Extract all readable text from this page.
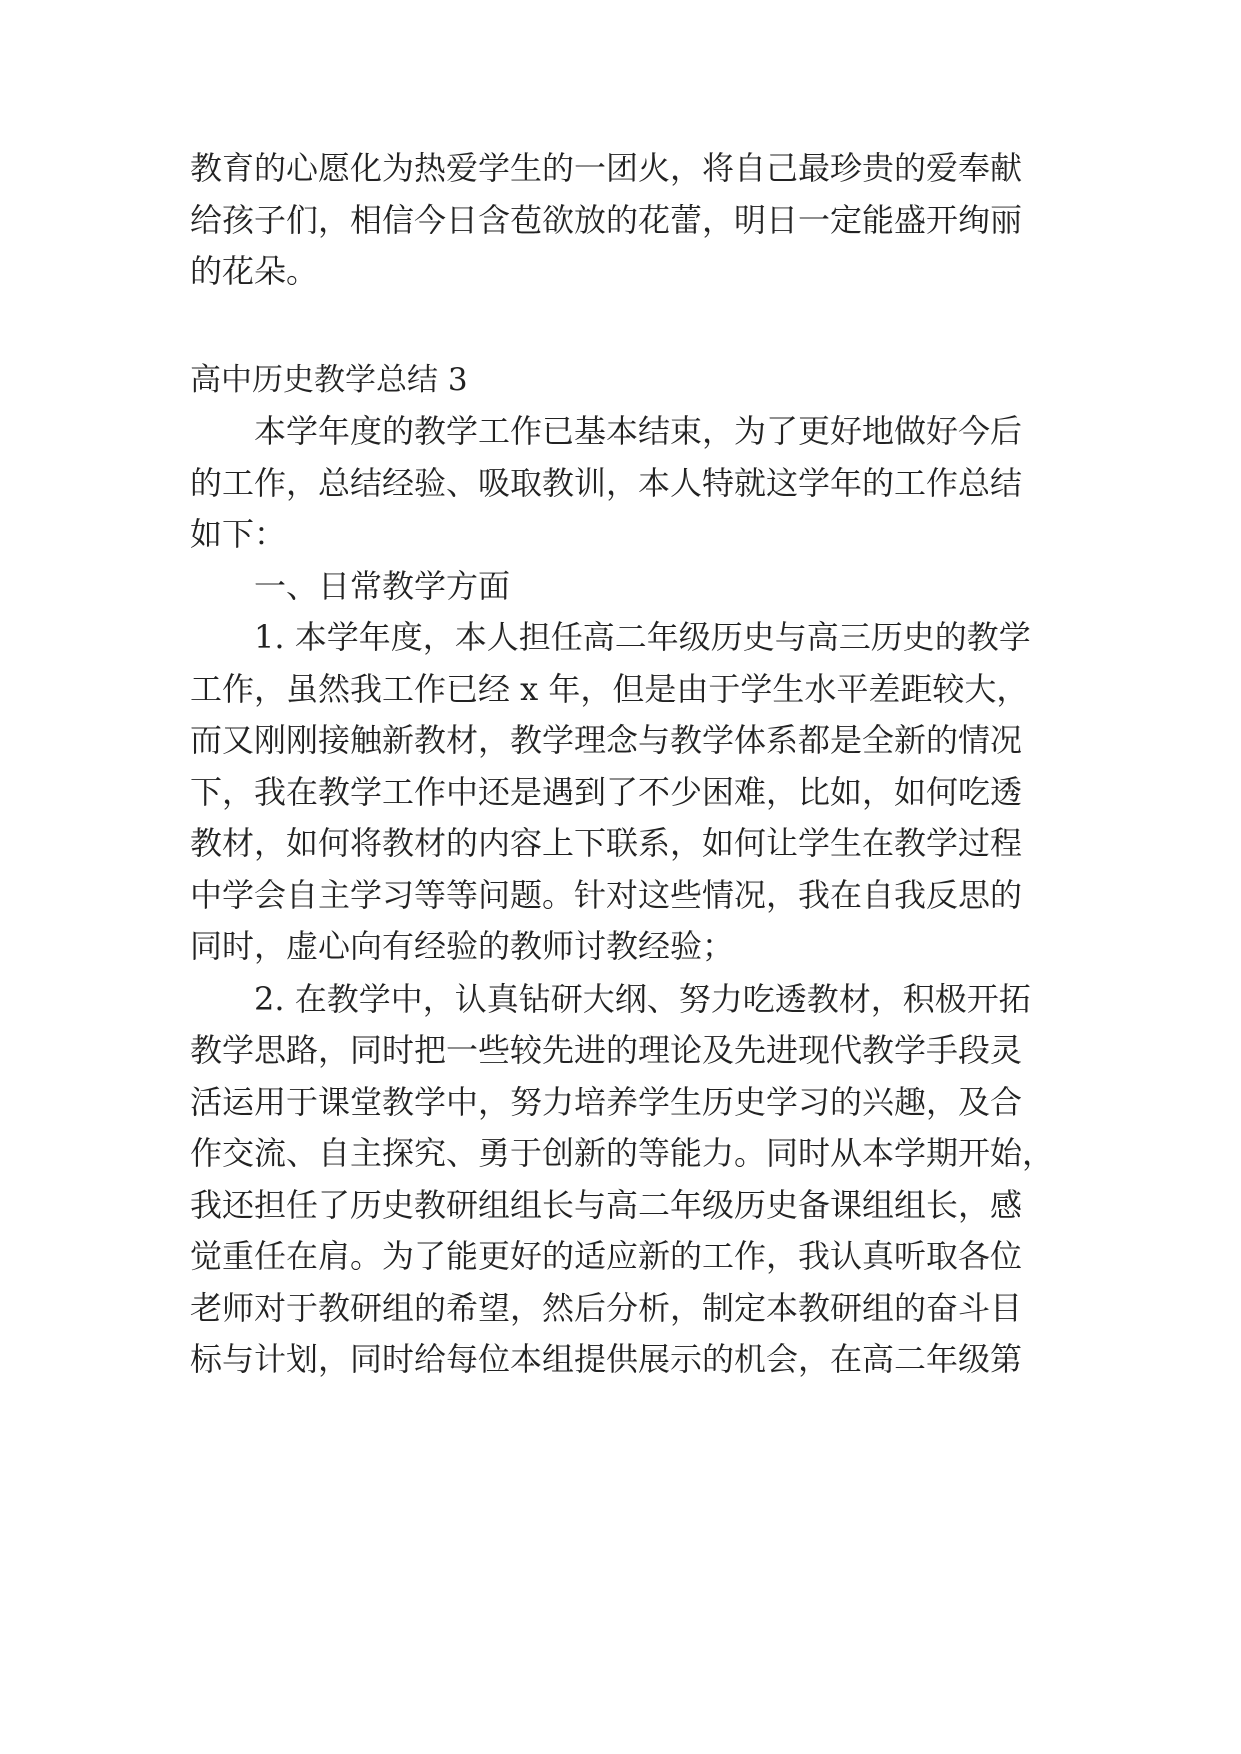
教育的心愿化为热爱学生的一团火，将自己最珍贵的爱奉献
给孩子们，相信今日含苞欲放的花蕾，明日一定能盛开绚丽
的花朵。
高中历史教学总结 3
本学年度的教学工作已基本结束，为了更好地做好今后
的工作，总结经验、吸取教训，本人特就这学年的工作总结
如下：
一、日常教学方面
1. 本学年度，本人担任高二年级历史与高三历史的教学
工作，虽然我工作已经 x 年，但是由于学生水平差距较大，
而又刚刚接触新教材，教学理念与教学体系都是全新的情况
下，我在教学工作中还是遇到了不少困难，比如，如何吃透
教材，如何将教材的内容上下联系，如何让学生在教学过程
中学会自主学习等等问题。针对这些情况，我在自我反思的
同时，虚心向有经验的教师讨教经验；
2. 在教学中，认真钻研大纲、努力吃透教材，积极开拓
教学思路，同时把一些较先进的理论及先进现代教学手段灵
活运用于课堂教学中，努力培养学生历史学习的兴趣，及合
作交流、自主探究、勇于创新的等能力。同时从本学期开始，
我还担任了历史教研组组长与高二年级历史备课组组长，感
觉重任在肩。为了能更好的适应新的工作，我认真听取各位
老师对于教研组的希望，然后分析，制定本教研组的奋斗目
标与计划，同时给每位本组提供展示的机会，在高二年级第
